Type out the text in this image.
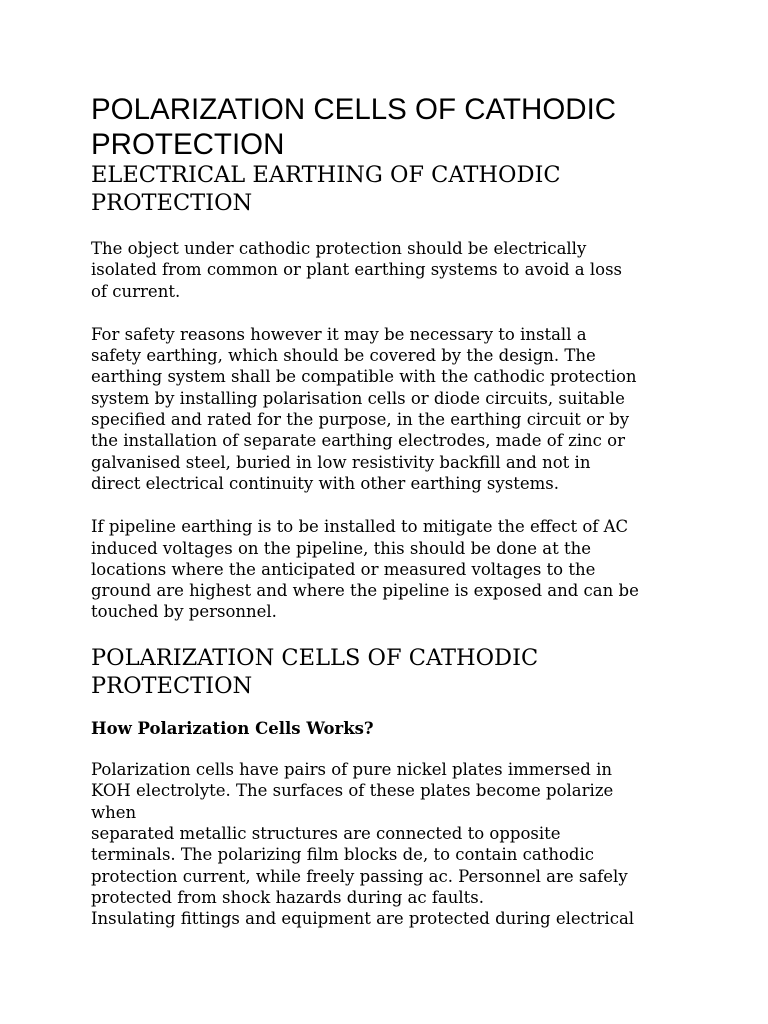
POLARIZATION CELLS OF CATHODIC
PROTECTION
ELECTRICAL EARTHING OF CATHODIC
PROTECTION

The object under cathodic protection should be electrically
isolated from common or plant earthing systems to avoid a loss
of current.

For safety reasons however it may be necessary to install a
safety earthing, which should be covered by the design. The
earthing system shall be compatible with the cathodic protection
system by installing polarisation cells or diode circuits, suitable
specified and rated for the purpose, in the earthing circuit or by
the installation of separate earthing electrodes, made of zinc or
galvanised steel, buried in low resistivity backfill and not in
direct electrical continuity with other earthing systems.

If pipeline earthing is to be installed to mitigate the effect of AC
induced voltages on the pipeline, this should be done at the
locations where the anticipated or measured voltages to the
ground are highest and where the pipeline is exposed and can be
touched by personnel.

POLARIZATION CELLS OF CATHODIC
PROTECTION

How Polarization Cells Works?

Polarization cells have pairs of pure nickel plates immersed in
KOH electrolyte. The surfaces of these plates become polarize
when
separated metallic structures are connected to opposite
terminals. The polarizing film blocks de, to contain cathodic
protection current, while freely passing ac. Personnel are safely
protected from shock hazards during ac faults.
Insulating fittings and equipment are protected during electrical
